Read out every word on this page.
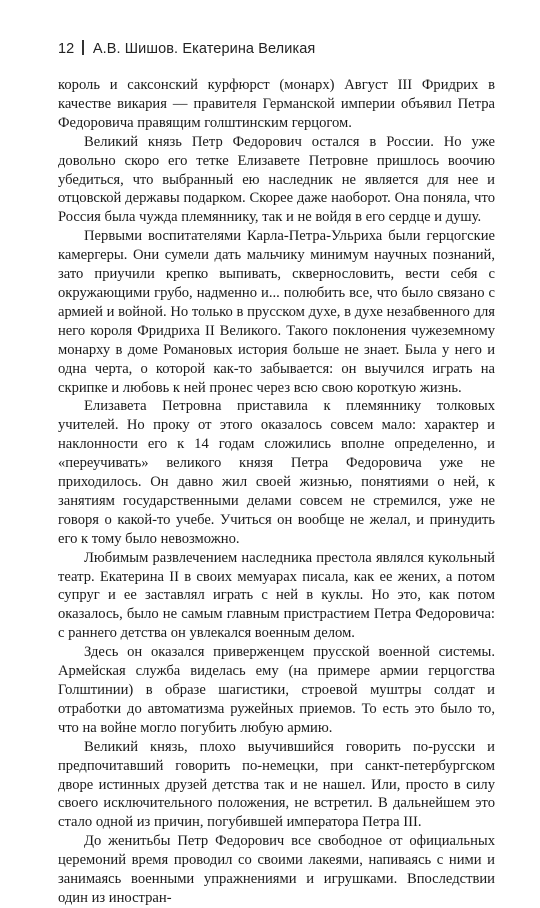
12 А.В. Шишов. Екатерина Великая

король и саксонский курфюрст (монарх) Август III Фридрих в качестве викария — правителя Германской империи объявил Петра Федоровича правящим голштинским герцогом.

Великий князь Петр Федорович остался в России. Но уже довольно скоро его тетке Елизавете Петровне пришлось воочию убедиться, что выбранный ею наследник не является для нее и отцовской державы подарком. Скорее даже наоборот. Она поняла, что Россия была чужда племяннику, так и не войдя в его сердце и душу.

Первыми воспитателями Карла-Петра-Ульриха были герцогские камергеры. Они сумели дать мальчику минимум научных познаний, зато приучили крепко выпивать, сквернословить, вести себя с окружающими грубо, надменно и... полюбить все, что было связано с армией и войной. Но только в прусском духе, в духе незабвенного для него короля Фридриха II Великого. Такого поклонения чужеземному монарху в доме Романовых история больше не знает. Была у него и одна черта, о которой как-то забывается: он выучился играть на скрипке и любовь к ней пронес через всю свою короткую жизнь.

Елизавета Петровна приставила к племяннику толковых учителей. Но проку от этого оказалось совсем мало: характер и наклонности его к 14 годам сложились вполне определенно, и «переучивать» великого князя Петра Федоровича уже не приходилось. Он давно жил своей жизнью, понятиями о ней, к занятиям государственными делами совсем не стремился, уже не говоря о какой-то учебе. Учиться он вообще не желал, и принудить его к тому было невозможно.

Любимым развлечением наследника престола являлся кукольный театр. Екатерина II в своих мемуарах писала, как ее жених, а потом супруг и ее заставлял играть с ней в куклы. Но это, как потом оказалось, было не самым главным пристрастием Петра Федоровича: с раннего детства он увлекался военным делом.

Здесь он оказался приверженцем прусской военной системы. Армейская служба виделась ему (на примере армии герцогства Голштинии) в образе шагистики, строевой муштры солдат и отработки до автоматизма ружейных приемов. То есть это было то, что на войне могло погубить любую армию.

Великий князь, плохо выучившийся говорить по-русски и предпочитавший говорить по-немецки, при санкт-петербургском дворе истинных друзей детства так и не нашел. Или, просто в силу своего исключительного положения, не встретил. В дальнейшем это стало одной из причин, погубившей императора Петра III.

До женитьбы Петр Федорович все свободное от официальных церемоний время проводил со своими лакеями, напиваясь с ними и занимаясь военными упражнениями и игрушками. Впоследствии один из иностран-
